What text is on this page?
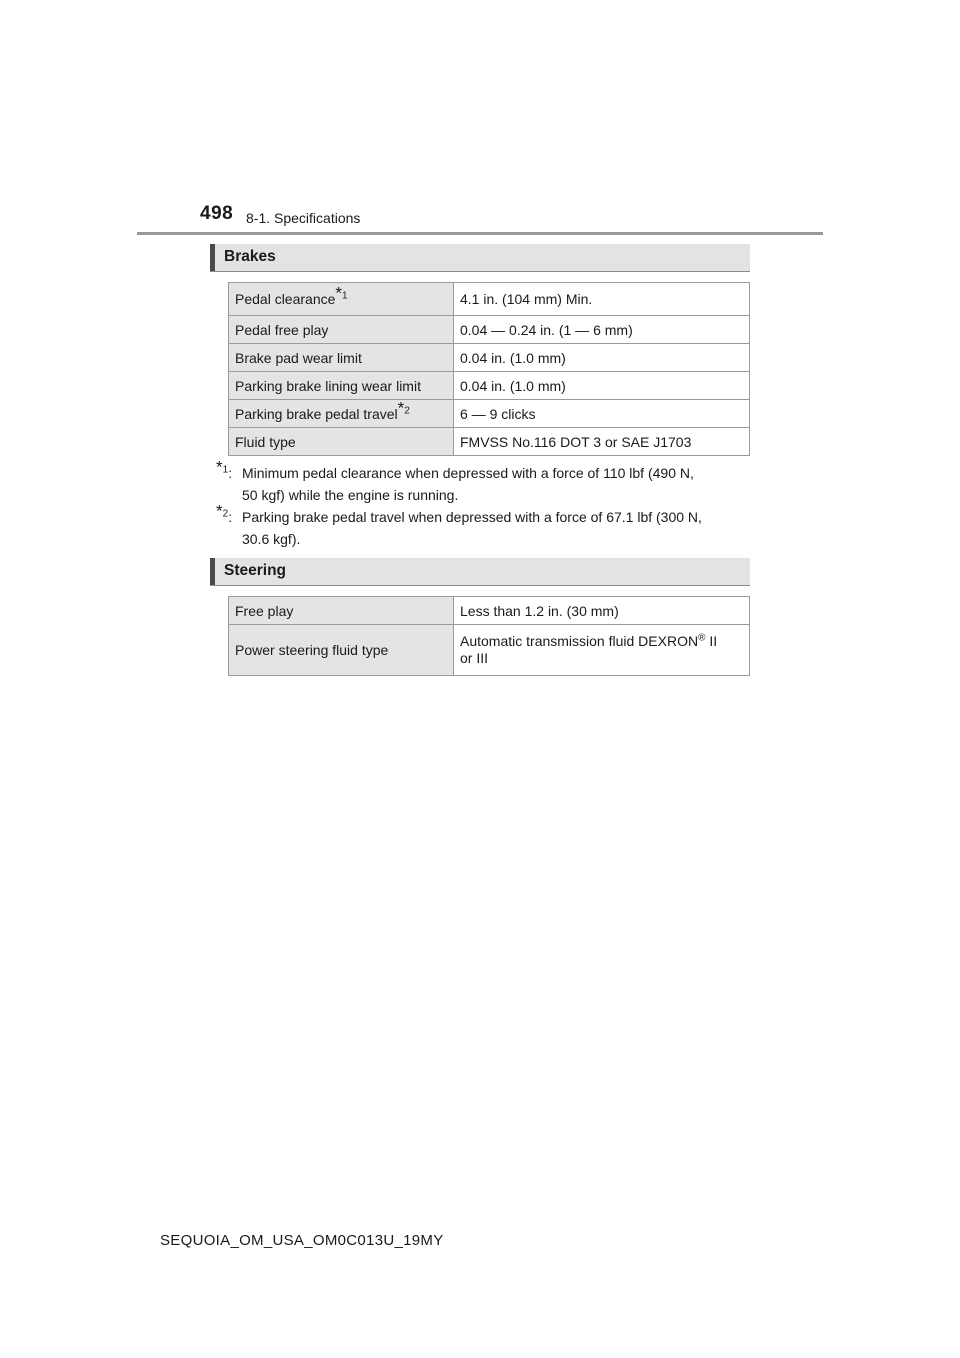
498 8-1. Specifications
Brakes
Pedal clearance*$^1$	4.1 in. (104 mm) Min.
Pedal free play	0.04 — 0.24 in. (1 — 6 mm)
Brake pad wear limit	0.04 in. (1.0 mm)
Parking brake lining wear limit	0.04 in. (1.0 mm)
Parking brake pedal travel*$^2$	6 — 9 clicks
Fluid type	FMVSS No.116 DOT 3 or SAE J1703
*$^1$: Minimum pedal clearance when depressed with a force of 110 lbf (490 N,
50 kgf) while the engine is running.
*$^2$: Parking brake pedal travel when depressed with a force of 67.1 lbf (300 N,
30.6 kgf).
Steering
Free play	Less than 1.2 in. (30 mm)
Power steering fluid type	Automatic transmission fluid DEXRON® II
or III
SEQUOIA_OM_USA_OM0C013U_19MY
